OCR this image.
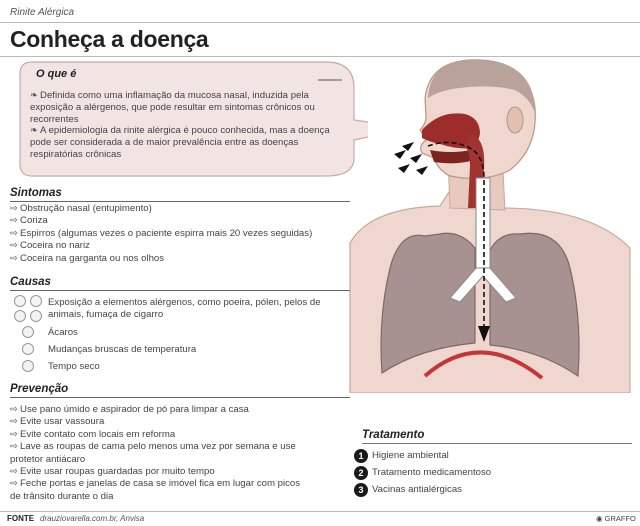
Rinite Alérgica
Conheça a doença
O que é
❧ Definida como uma inflamação da mucosa nasal, induzida pela exposição a alérgenos, que pode resultar em sintomas crônicos ou recorrentes
❧ A epidemiologia da rinite alérgica é pouco conhecida, mas a doença pode ser considerada a de maior prevalência entre as doenças respiratórias crônicas
Sintomas
⇨ Obstrução nasal (entupimento)
⇨ Coriza
⇨ Espirros (algumas vezes o paciente espirra mais 20 vezes seguidas)
⇨ Coceira no nariz
⇨ Coceira na garganta ou nos olhos
Causas
Exposição a elementos alérgenos, como poeira, pólen, pelos de animais, fumaça de cigarro
Ácaros
Mudanças bruscas de temperatura
Tempo seco
Prevenção
⇨ Use pano úmido e aspirador de pó para limpar a casa
⇨ Evite usar vassoura
⇨ Evite contato com locais em reforma
⇨ Lave as roupas de cama pelo menos uma vez por semana e use protetor antiácaro
⇨ Evite usar roupas guardadas por muito tempo
⇨ Feche portas e janelas de casa se imóvel fica em lugar com picos de trânsito durante o dia
Tratamento
1 Higiene ambiental
2 Tratamento medicamentoso
3 Vacinas antialérgicas
FONTE drauziovarella.com.br, Anvisa	◉ GRAFFO
